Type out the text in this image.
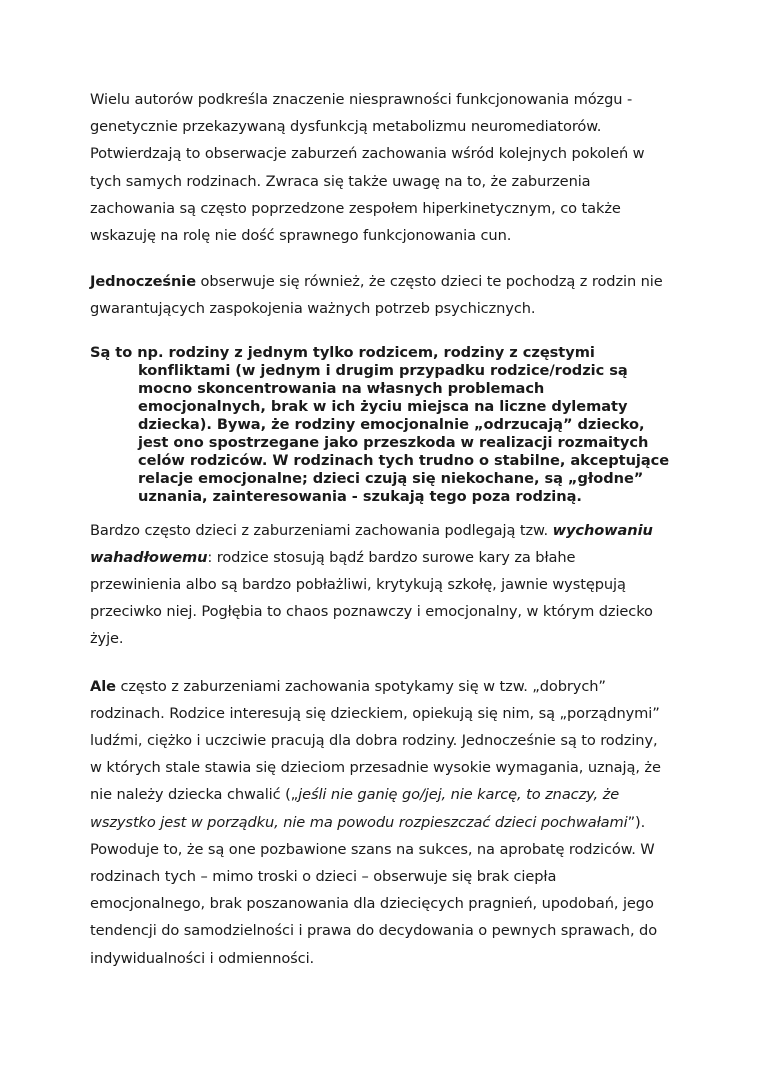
Wielu autorów podkreśla znaczenie niesprawności funkcjonowania mózgu - genetycznie przekazywaną dysfunkcją metabolizmu neuromediatorów. Potwierdzają to obserwacje zaburzeń zachowania wśród kolejnych pokoleń w tych samych rodzinach. Zwraca się także uwagę na to, że zaburzenia zachowania są często poprzedzone zespołem hiperkinetycznym, co także wskazuję na rolę nie dość sprawnego funkcjonowania cun.

Jednocześnie obserwuje się również, że często dzieci te pochodzą z rodzin nie gwarantujących zaspokojenia ważnych potrzeb psychicznych.

Są to np. rodziny z jednym tylko rodzicem, rodziny z częstymi konfliktami (w jednym i drugim przypadku rodzice/rodzic są mocno skoncentrowania na własnych problemach emocjonalnych, brak w ich życiu miejsca na liczne dylematy dziecka). Bywa, że rodziny emocjonalnie „odrzucają” dziecko, jest ono spostrzegane jako przeszkoda w realizacji rozmaitych celów rodziców. W rodzinach tych trudno o stabilne, akceptujące relacje emocjonalne; dzieci czują się niekochane, są „głodne” uznania, zainteresowania - szukają tego poza rodziną.

Bardzo często dzieci z zaburzeniami zachowania podlegają tzw. wychowaniu wahadłowemu: rodzice stosują bądź bardzo surowe kary za błahe przewinienia albo są bardzo pobłażliwi, krytykują szkołę, jawnie występują przeciwko niej. Pogłębia to chaos poznawczy i emocjonalny, w którym dziecko żyje.

Ale często z zaburzeniami zachowania spotykamy się w tzw. „dobrych” rodzinach. Rodzice interesują się dzieckiem, opiekują się nim, są „porządnymi” ludźmi, ciężko i uczciwie pracują dla dobra rodziny. Jednocześnie są to rodziny, w których stale stawia się dzieciom przesadnie wysokie wymagania, uznają, że nie należy dziecka chwalić („jeśli nie ganię go/jej, nie karcę, to znaczy, że wszystko jest w porządku, nie ma powodu rozpieszczać dzieci pochwałami”). Powoduje to, że są one pozbawione szans na sukces, na aprobatę rodziców. W rodzinach tych – mimo troski o dzieci – obserwuje się brak ciepła emocjonalnego, brak poszanowania dla dziecięcych pragnień, upodobań, jego tendencji do samodzielności i prawa do decydowania o pewnych sprawach, do indywidualności i odmienności.
